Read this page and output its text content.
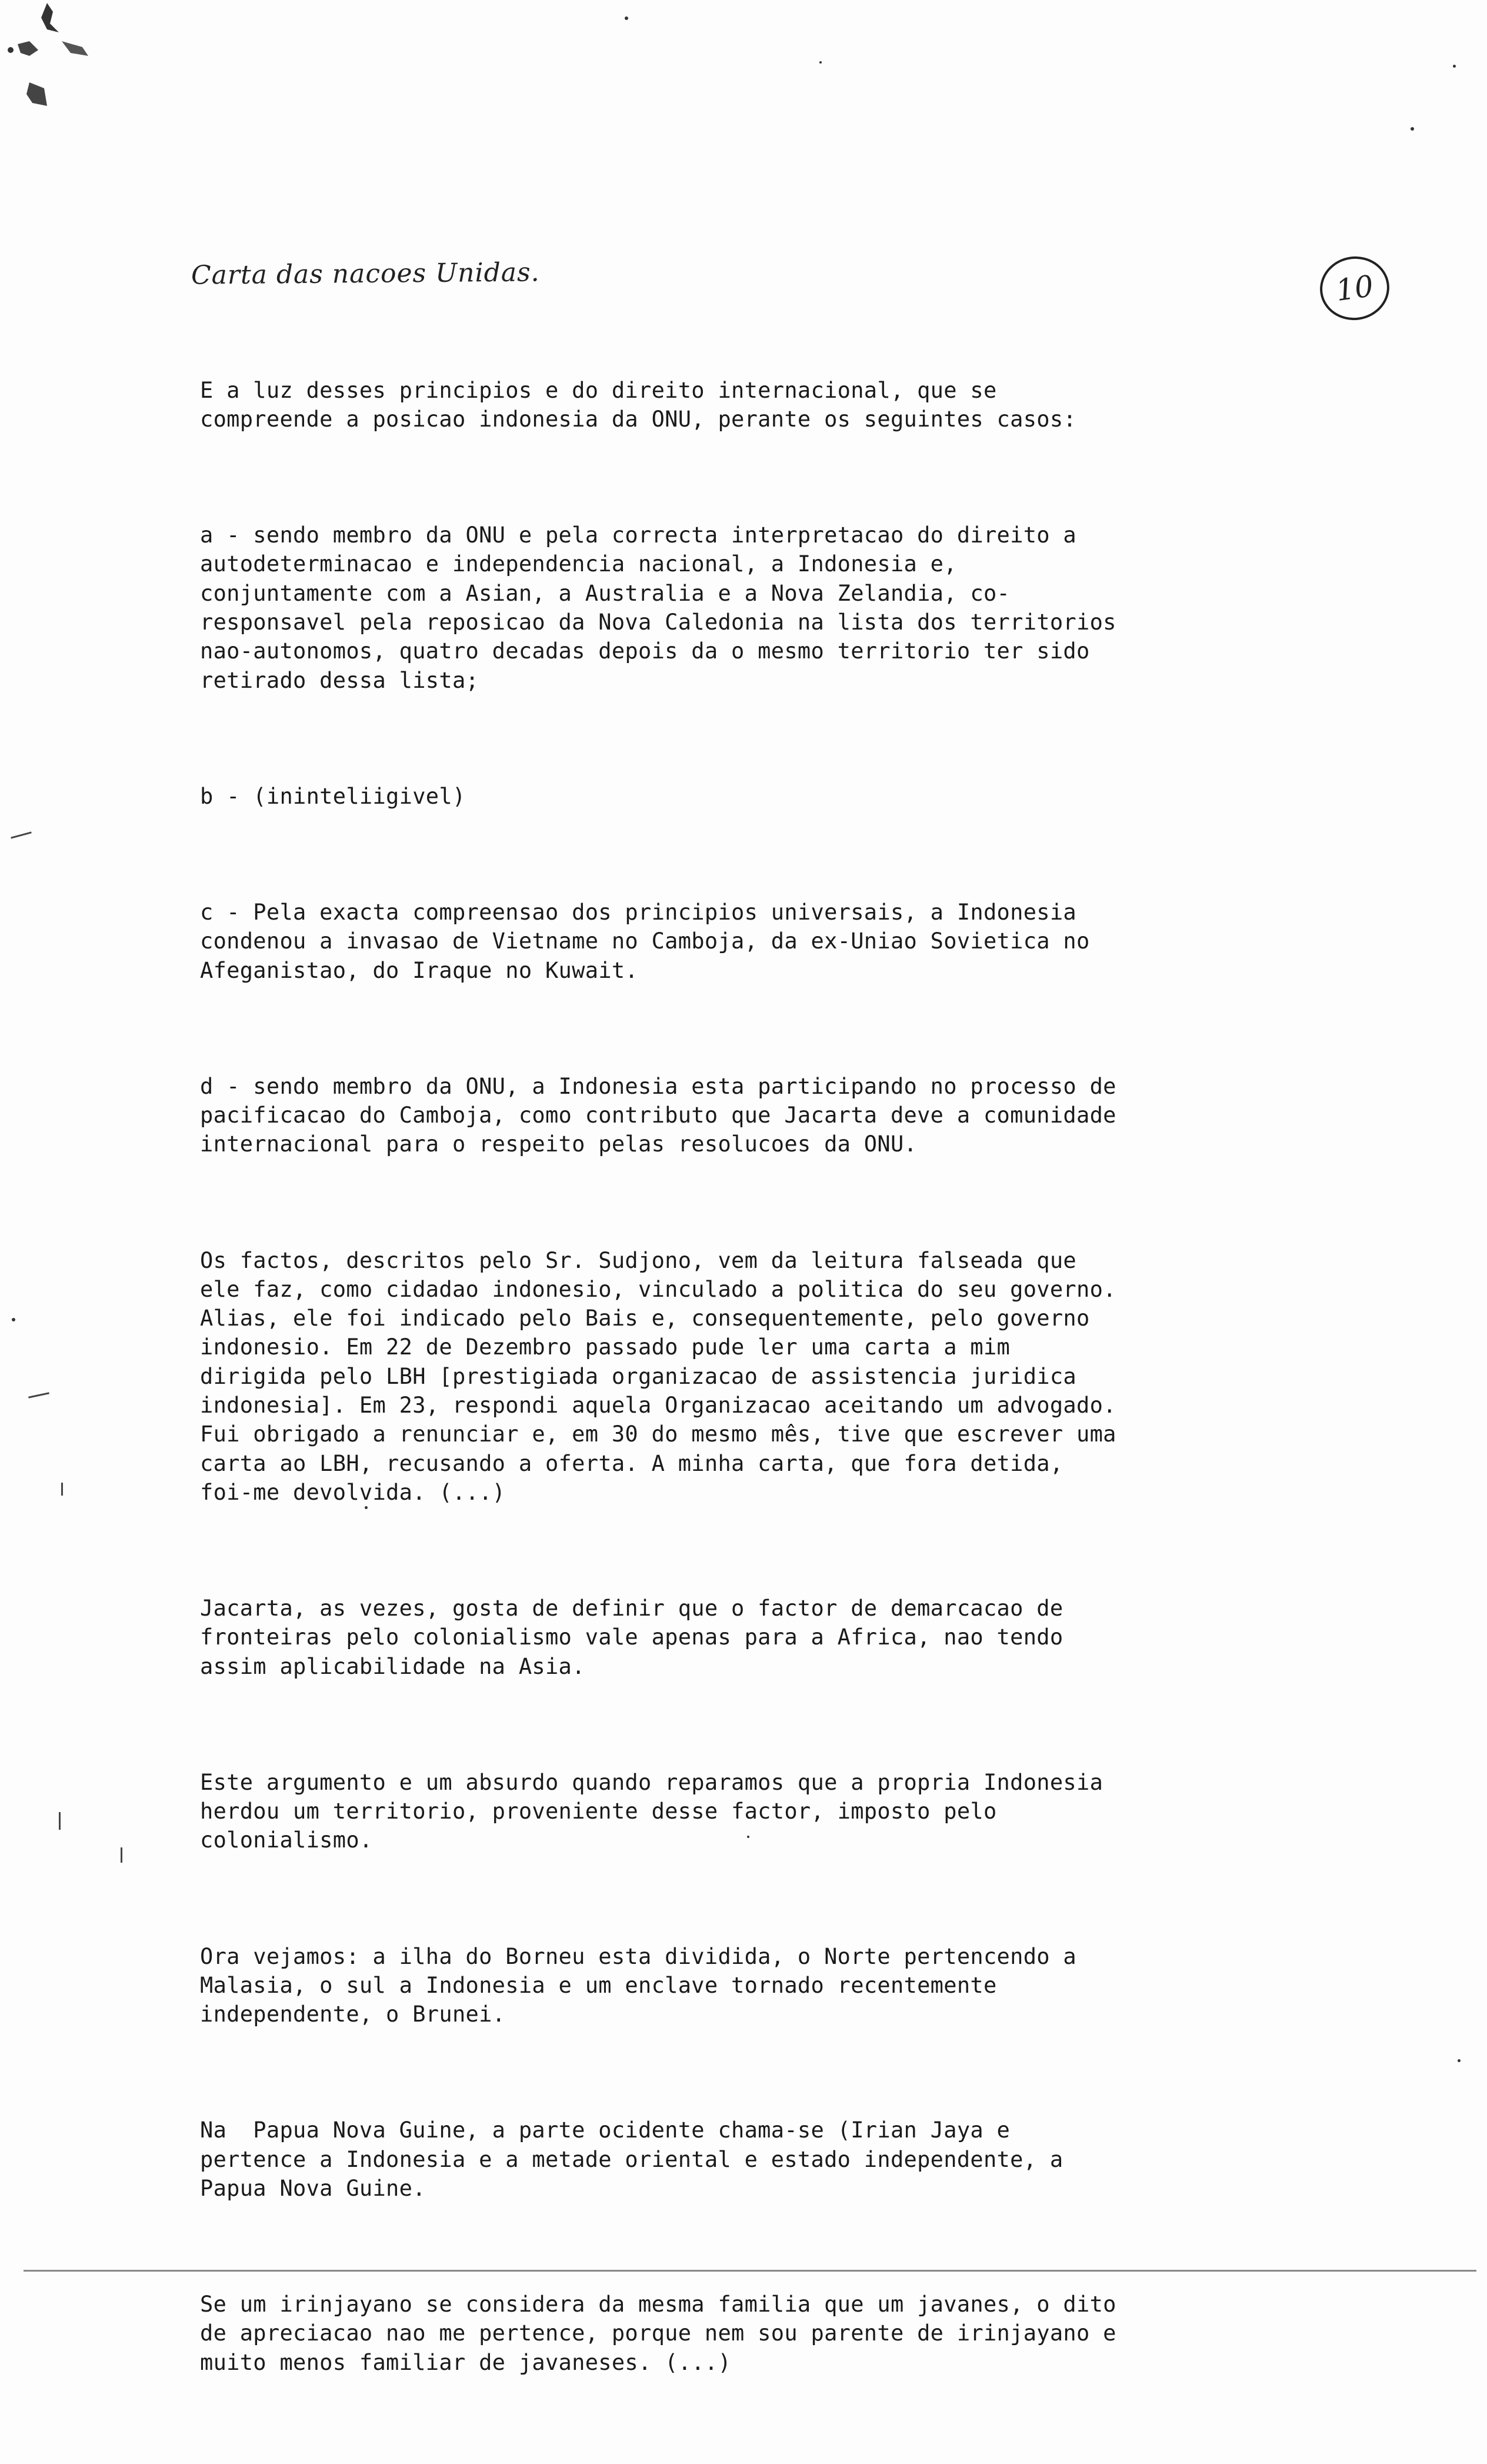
Carta das nacoes Unidas.	10

E a luz desses principios e do direito internacional, que se
compreende a posicao indonesia da ONU, perante os seguintes casos:

a - sendo membro da ONU e pela correcta interpretacao do direito a
autodeterminacao e independencia nacional, a Indonesia e,
conjuntamente com a Asian, a Australia e a Nova Zelandia, co-
responsavel pela reposicao da Nova Caledonia na lista dos territorios
nao-autonomos, quatro decadas depois da o mesmo territorio ter sido
retirado dessa lista;

b - (ininteliigivel)

c - Pela exacta compreensao dos principios universais, a Indonesia
condenou a invasao de Vietname no Camboja, da ex-Uniao Sovietica no
Afeganistao, do Iraque no Kuwait.

d - sendo membro da ONU, a Indonesia esta participando no processo de
pacificacao do Camboja, como contributo que Jacarta deve a comunidade
internacional para o respeito pelas resolucoes da ONU.

Os factos, descritos pelo Sr. Sudjono, vem da leitura falseada que
ele faz, como cidadao indonesio, vinculado a politica do seu governo.
Alias, ele foi indicado pelo Bais e, consequentemente, pelo governo
indonesio. Em 22 de Dezembro passado pude ler uma carta a mim
dirigida pelo LBH [prestigiada organizacao de assistencia juridica
indonesia]. Em 23, respondi aquela Organizacao aceitando um advogado.
Fui obrigado a renunciar e, em 30 do mesmo mês, tive que escrever uma
carta ao LBH, recusando a oferta. A minha carta, que fora detida,
foi-me devolvida. (...)

Jacarta, as vezes, gosta de definir que o factor de demarcacao de
fronteiras pelo colonialismo vale apenas para a Africa, nao tendo
assim aplicabilidade na Asia.

Este argumento e um absurdo quando reparamos que a propria Indonesia
herdou um territorio, proveniente desse factor, imposto pelo
colonialismo.

Ora vejamos: a ilha do Borneu esta dividida, o Norte pertencendo a
Malasia, o sul a Indonesia e um enclave tornado recentemente
independente, o Brunei.

Na  Papua Nova Guine, a parte ocidente chama-se (Irian Jaya e
pertence a Indonesia e a metade oriental e estado independente, a
Papua Nova Guine.

Se um irinjayano se considera da mesma familia que um javanes, o dito
de apreciacao nao me pertence, porque nem sou parente de irinjayano e
muito menos familiar de javaneses. (...)
